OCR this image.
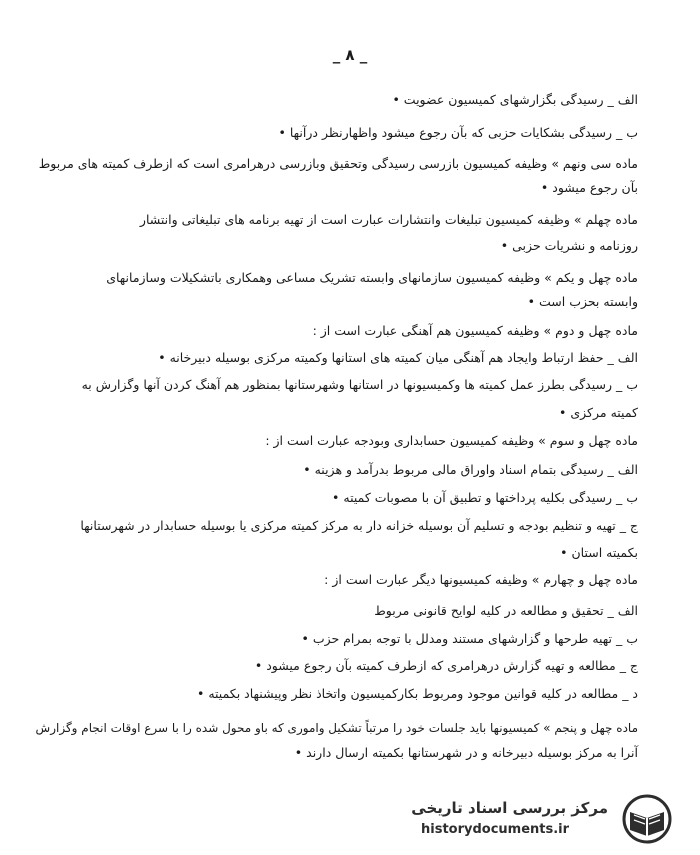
_ ٨ _
الف _ رسیدگی بگزارشهای کمیسیون عضویت •
ب _ رسیدگی بشکایات حزبی که بآن رجوع میشود واظهارنظر درآنها •
ماده سی ونهم » وظیفه کمیسیون بازرسی رسیدگی وتحقیق وبازرسی درهرامری است که ازطرف کمیته های مربوط
بآن رجوع میشود •
ماده چهلم » وظیفه کمیسیون تبلیغات وانتشارات عبارت است از تهیه برنامه های تبلیغاتی وانتشار
روزنامه و نشریات حزبی •
ماده چهل و یکم » وظیفه کمیسیون سازمانهای وابسته تشریک مساعی وهمکاری باتشکیلات وسازمانهای
وابسته بحزب است •
ماده چهل و دوم » وظیفه کمیسیون هم آهنگی عبارت است از :
الف _ حفظ ارتباط وایجاد هم آهنگی میان کمیته های استانها وکمیته مرکزی بوسیله دبیرخانه •
ب _ رسیدگی بطرز عمل کمیته ها وکمیسیونها در استانها وشهرستانها بمنظور هم آهنگ کردن آنها وگزارش به
کمیته مرکزی •
ماده چهل و سوم » وظیفه کمیسیون حسابداری وبودجه عبارت است از :
الف _ رسیدگی بتمام اسناد واوراق مالی مربوط بدرآمد و هزینه •
ب _ رسیدگی بکلیه پرداختها و تطبیق آن با مصوبات کمیته •
ج _ تهیه و تنظیم بودجه و تسلیم آن بوسیله خزانه دار به مرکز کمیته مرکزی یا بوسیله حسابدار در شهرستانها
بکمیته استان •
ماده چهل و چهارم » وظیفه کمیسیونها دیگر عبارت است از :
الف _ تحقیق و مطالعه در کلیه لوایح قانونی مربوط
ب _ تهیه طرحها و گزارشهای مستند ومدلل با توجه بمرام حزب •
ج _ مطالعه و تهیه گزارش درهرامری که ازطرف کمیته بآن رجوع میشود •
د _ مطالعه در کلیه قوانین موجود ومربوط بکارکمیسیون واتخاذ نظر وپیشنهاد بکمیته •
ماده چهل و پنجم » کمیسیونها باید جلسات خود را مرتباً تشکیل واموری که باو محول شده را با سرع اوقات انجام وگزارش
آنرا به مرکز بوسیله دبیرخانه و در شهرستانها بکمیته ارسال دارند •
مرکز بررسی اسناد تاریخی
historydocuments.ir
